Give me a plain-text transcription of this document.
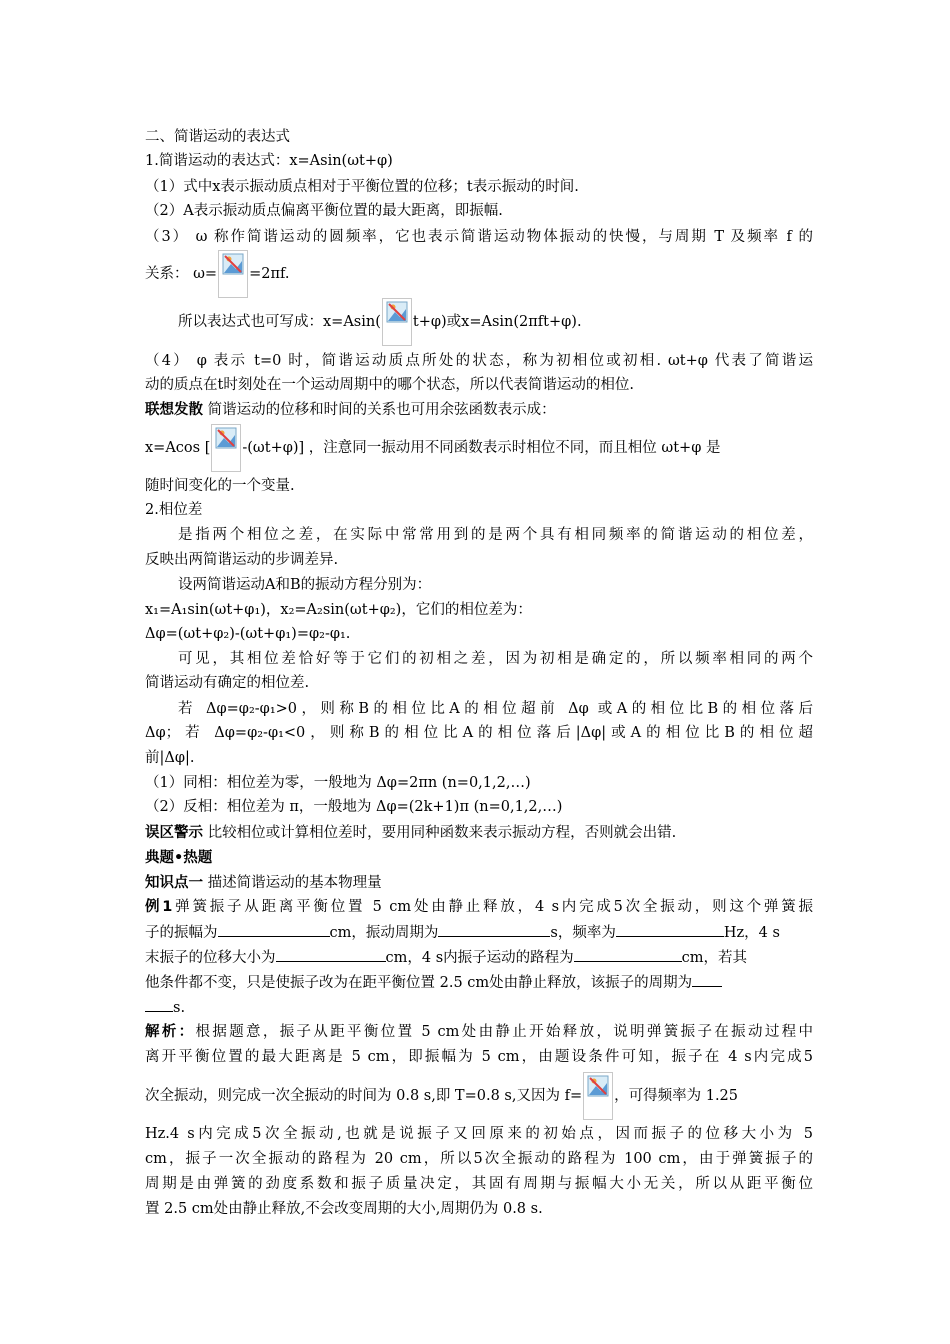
二、简谐运动的表达式
1.简谐运动的表达式：x=Asin(ωt+φ)
（1）式中x表示振动质点相对于平衡位置的位移；t表示振动的时间.
（2）A表示振动质点偏离平衡位置的最大距离，即振幅.
（3） ω 称作简谐运动的圆频率，它也表示简谐运动物体振动的快慢，与周期 T 及频率 f 的
关系： ω= =2πf.
所以表达式也可写成：x=Asin( t+φ)或x=Asin(2πft+φ).
（4） φ 表示 t=0 时，简谐运动质点所处的状态，称为初相位或初相. ωt+φ 代表了简谐运
动的质点在t时刻处在一个运动周期中的哪个状态，所以代表简谐运动的相位.
联想发散 简谐运动的位移和时间的关系也可用余弦函数表示成：
x=Acos [ -(ωt+φ)] ，注意同一振动用不同函数表示时相位不同，而且相位 ωt+φ 是
随时间变化的一个变量.
2.相位差
是指两个相位之差，在实际中常常用到的是两个具有相同频率的简谐运动的相位差，
反映出两简谐运动的步调差异.
设两简谐运动A和B的振动方程分别为：
x₁=A₁sin(ωt+φ₁)，x₂=A₂sin(ωt+φ₂)，它们的相位差为：
Δφ=(ωt+φ₂)-(ωt+φ₁)=φ₂-φ₁.
可见，其相位差恰好等于它们的初相之差，因为初相是确定的，所以频率相同的两个
简谐运动有确定的相位差.
若 Δφ=φ₂-φ₁>0，则称B的相位比A的相位超前 Δφ 或A的相位比B的相位落后
Δφ；若 Δφ=φ₂-φ₁<0，则称B的相位比A的相位落后|Δφ|或A的相位比B的相位超
前|Δφ|.
（1）同相：相位差为零，一般地为 Δφ=2πn (n=0,1,2,…)
（2）反相：相位差为 π，一般地为 Δφ=(2k+1)π (n=0,1,2,…)
误区警示 比较相位或计算相位差时，要用同种函数来表示振动方程，否则就会出错.
典题•热题
知识点一 描述简谐运动的基本物理量
例1弹簧振子从距离平衡位置 5 cm处由静止释放，4 s内完成5次全振动，则这个弹簧振
子的振幅为	cm，振动周期为	s，频率为	Hz，4 s
末振子的位移大小为	cm，4 s内振子运动的路程为	cm，若其
他条件都不变，只是使振子改为在距平衡位置 2.5 cm处由静止释放，该振子的周期为
s.
解析：根据题意，振子从距平衡位置 5 cm处由静止开始释放，说明弹簧振子在振动过程中
离开平衡位置的最大距离是 5 cm，即振幅为 5 cm，由题设条件可知，振子在 4 s内完成5
次全振动，则完成一次全振动的时间为 0.8 s,即 T=0.8 s,又因为 f= ，可得频率为 1.25
Hz.4 s内完成5次全振动,也就是说振子又回原来的初始点，因而振子的位移大小为 5
cm，振子一次全振动的路程为 20 cm，所以5次全振动的路程为 100 cm，由于弹簧振子的
周期是由弹簧的劲度系数和振子质量决定，其固有周期与振幅大小无关，所以从距平衡位
置 2.5 cm处由静止释放,不会改变周期的大小,周期仍为 0.8 s.
